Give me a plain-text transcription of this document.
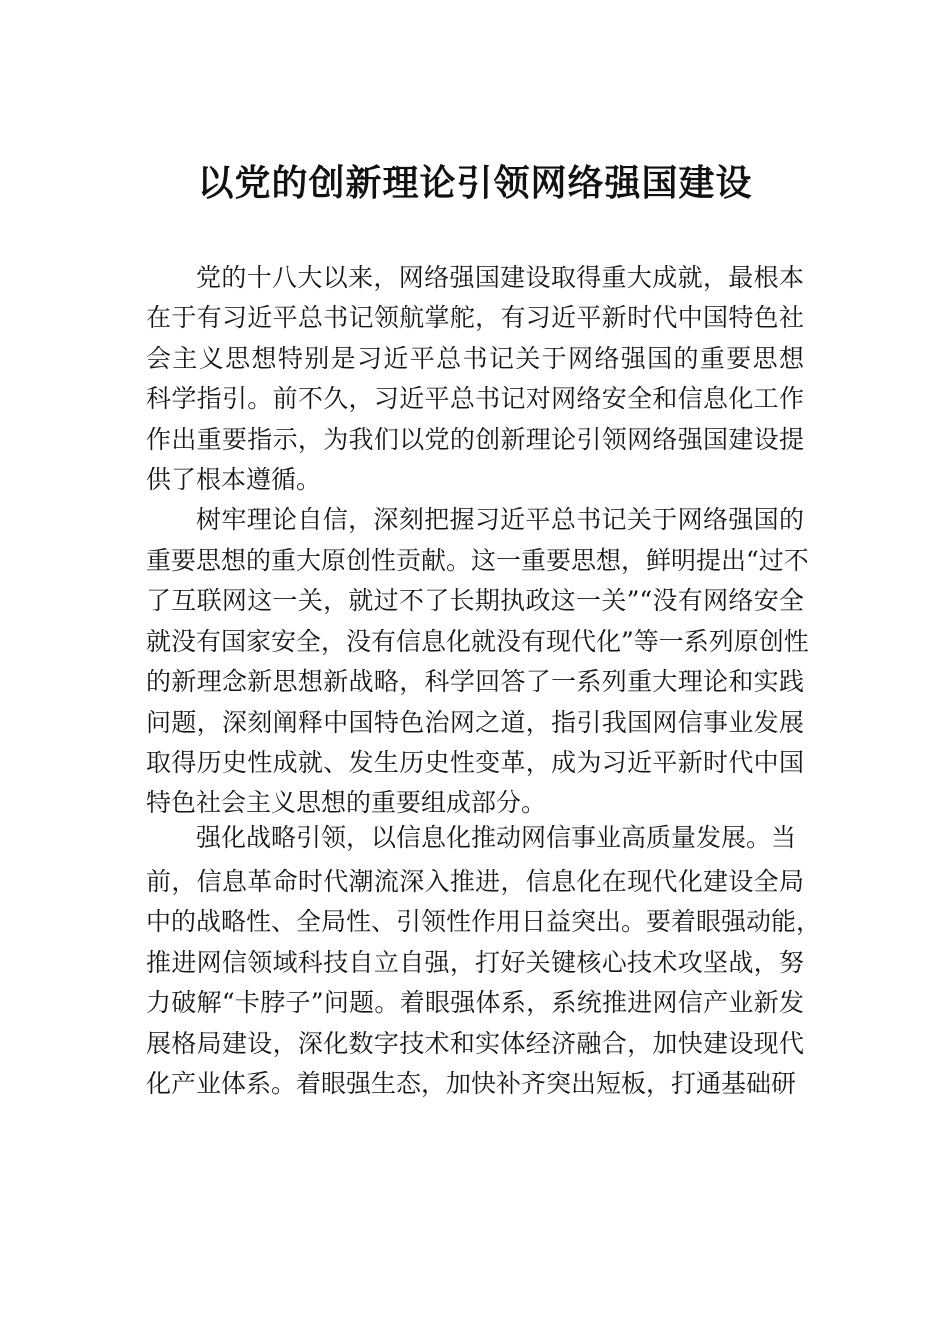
以党的创新理论引领网络强国建设
党的十八大以来，网络强国建设取得重大成就，最根本
在于有习近平总书记领航掌舵，有习近平新时代中国特色社
会主义思想特别是习近平总书记关于网络强国的重要思想
科学指引。前不久，习近平总书记对网络安全和信息化工作
作出重要指示，为我们以党的创新理论引领网络强国建设提
供了根本遵循。
树牢理论自信，深刻把握习近平总书记关于网络强国的
重要思想的重大原创性贡献。这一重要思想，鲜明提出“过不
了互联网这一关，就过不了长期执政这一关”“没有网络安全
就没有国家安全，没有信息化就没有现代化”等一系列原创性
的新理念新思想新战略，科学回答了一系列重大理论和实践
问题，深刻阐释中国特色治网之道，指引我国网信事业发展
取得历史性成就、发生历史性变革，成为习近平新时代中国
特色社会主义思想的重要组成部分。
强化战略引领，以信息化推动网信事业高质量发展。当
前，信息革命时代潮流深入推进，信息化在现代化建设全局
中的战略性、全局性、引领性作用日益突出。要着眼强动能，
推进网信领域科技自立自强，打好关键核心技术攻坚战，努
力破解“卡脖子”问题。着眼强体系，系统推进网信产业新发
展格局建设，深化数字技术和实体经济融合，加快建设现代
化产业体系。着眼强生态，加快补齐突出短板，打通基础研
